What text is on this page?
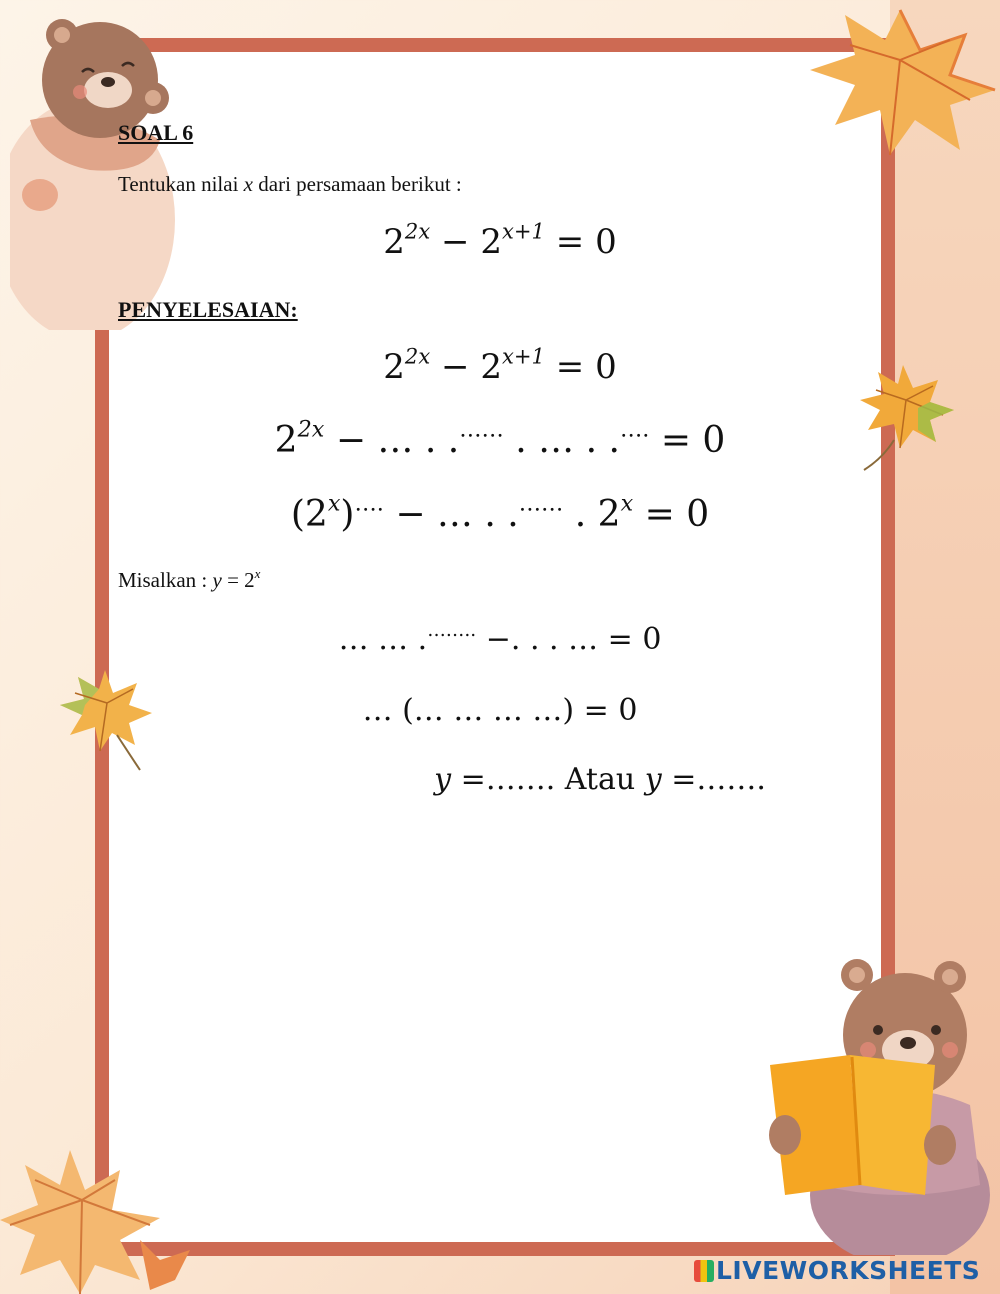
SOAL 6
Tentukan nilai x dari persamaan berikut :
$2^{2x} - 2^{x+1} = 0$
PENYELESAIAN:
$2^{2x} - 2^{x+1} = 0$
$2^{2x}$ − … . .…… . … . .…. = 0
$(2^x)^{\dots.}$ − … . .…… . $2^x = 0$
Misalkan : $y = 2^x$
… … .…….. −. . . … = 0
… (… … … …) = 0
y =……. Atau y =…….
LIVEWORKSHEETS
